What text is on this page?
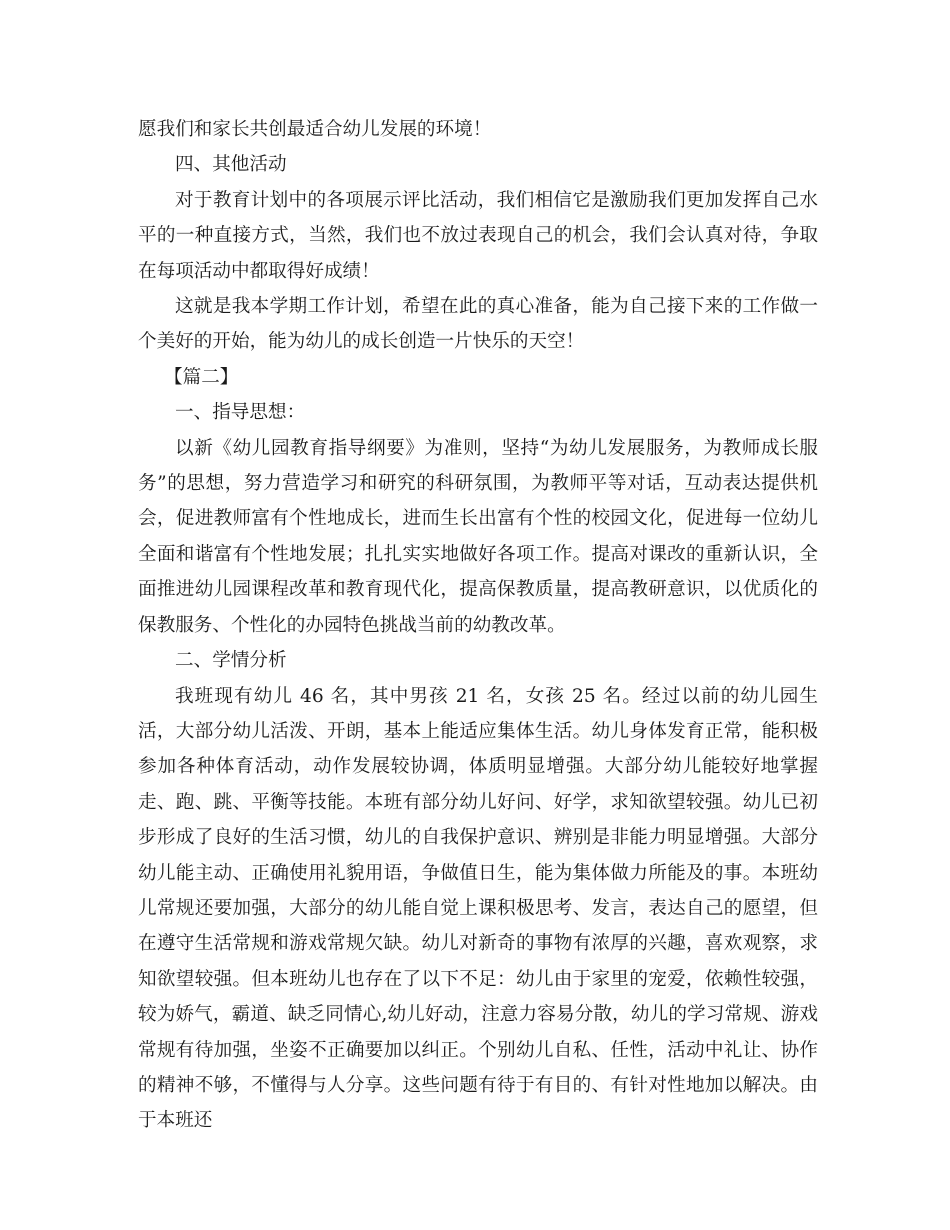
愿我们和家长共创最适合幼儿发展的环境！

四、其他活动

对于教育计划中的各项展示评比活动，我们相信它是激励我们更加发挥自己水平的一种直接方式，当然，我们也不放过表现自己的机会，我们会认真对待，争取在每项活动中都取得好成绩！

这就是我本学期工作计划，希望在此的真心准备，能为自己接下来的工作做一个美好的开始，能为幼儿的成长创造一片快乐的天空！

【篇二】

一、指导思想：

以新《幼儿园教育指导纲要》为准则，坚持“为幼儿发展服务，为教师成长服务”的思想，努力营造学习和研究的科研氛围，为教师平等对话，互动表达提供机会，促进教师富有个性地成长，进而生长出富有个性的校园文化，促进每一位幼儿全面和谐富有个性地发展；扎扎实实地做好各项工作。提高对课改的重新认识，全面推进幼儿园课程改革和教育现代化，提高保教质量，提高教研意识，以优质化的保教服务、个性化的办园特色挑战当前的幼教改革。

二、学情分析

我班现有幼儿 46 名，其中男孩 21 名，女孩 25 名。经过以前的幼儿园生活，大部分幼儿活泼、开朗，基本上能适应集体生活。幼儿身体发育正常，能积极参加各种体育活动，动作发展较协调，体质明显增强。大部分幼儿能较好地掌握走、跑、跳、平衡等技能。本班有部分幼儿好问、好学，求知欲望较强。幼儿已初步形成了良好的生活习惯，幼儿的自我保护意识、辨别是非能力明显增强。大部分幼儿能主动、正确使用礼貌用语，争做值日生，能为集体做力所能及的事。本班幼儿常规还要加强，大部分的幼儿能自觉上课积极思考、发言，表达自己的愿望，但在遵守生活常规和游戏常规欠缺。幼儿对新奇的事物有浓厚的兴趣，喜欢观察，求知欲望较强。但本班幼儿也存在了以下不足：幼儿由于家里的宠爱，依赖性较强，较为娇气，霸道、缺乏同情心,幼儿好动，注意力容易分散，幼儿的学习常规、游戏常规有待加强，坐姿不正确要加以纠正。个别幼儿自私、任性，活动中礼让、协作的精神不够，不懂得与人分享。这些问题有待于有目的、有针对性地加以解决。由于本班还
